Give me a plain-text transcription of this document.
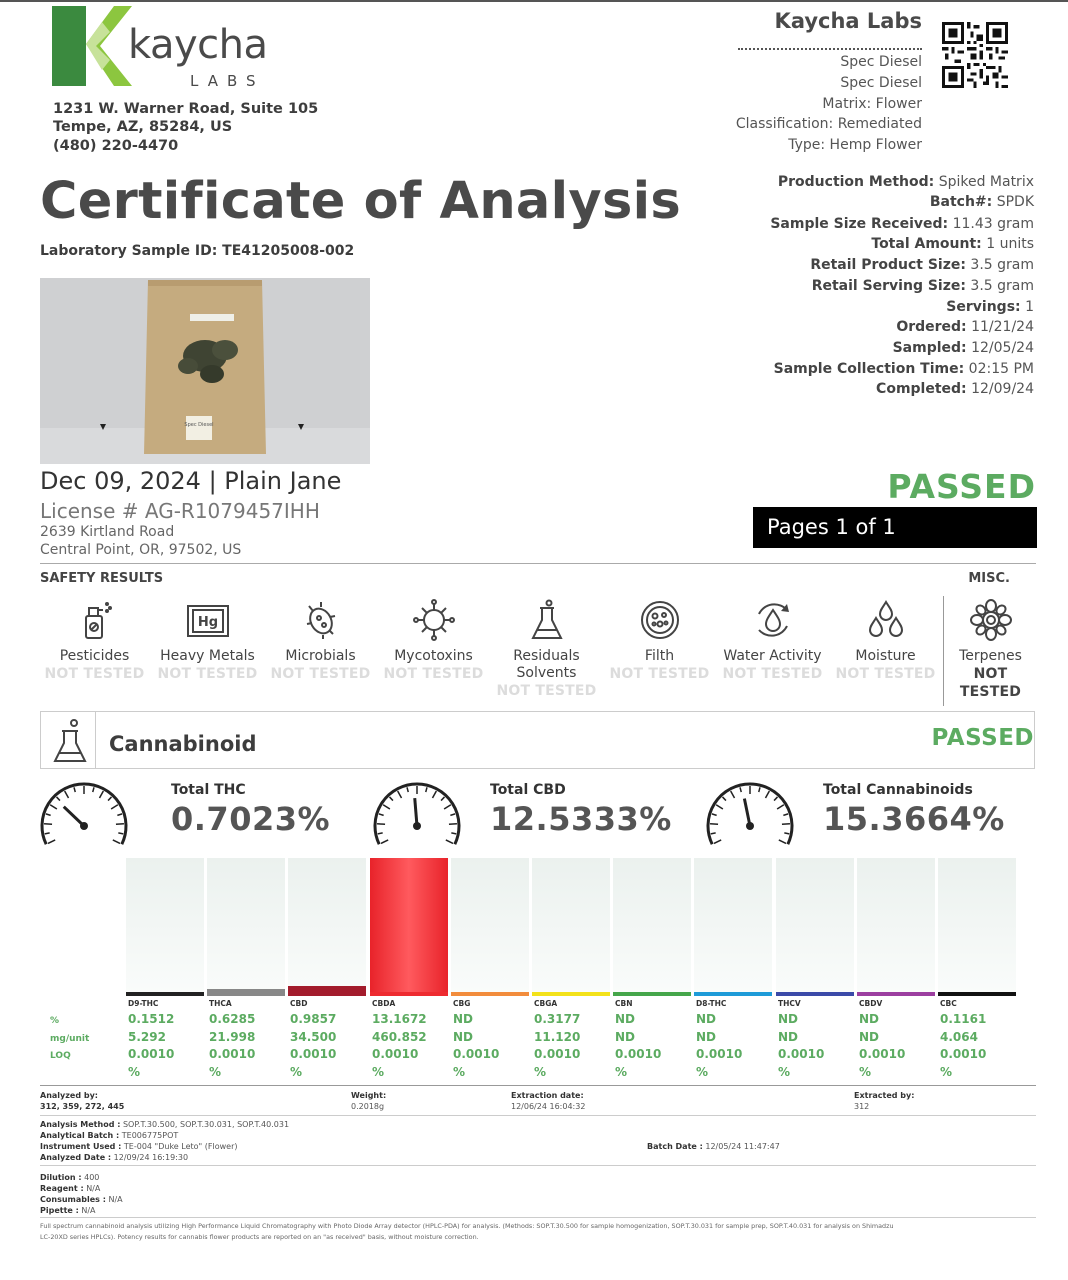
kaycha
LABS
1231 W. Warner Road, Suite 105
Tempe, AZ, 85284, US
(480) 220-4470
Kaycha Labs
Spec Diesel
Spec Diesel
Matrix: Flower
Classification: Remediated
Type: Hemp Flower
Production Method: Spiked Matrix
Batch#: SPDK
Sample Size Received: 11.43 gram
Total Amount: 1 units
Retail Product Size: 3.5 gram
Retail Serving Size: 3.5 gram
Servings: 1
Ordered: 11/21/24
Sampled: 12/05/24
Sample Collection Time: 02:15 PM
Completed: 12/09/24
Certificate of Analysis
Laboratory Sample ID: TE41205008-002
Spec Diesel
Dec 09, 2024 | Plain Jane
License # AG-R1079457IHH
2639 Kirtland Road
Central Point, OR, 97502, US
PASSED
Pages 1 of 1
SAFETY RESULTS	MISC.
Pesticides
NOT TESTED
Hg
Heavy Metals
NOT TESTED
Microbials
NOT TESTED
Mycotoxins
NOT TESTED
Residuals
Solvents
NOT TESTED
Filth
NOT TESTED
Water Activity
NOT TESTED
Moisture
NOT TESTED
Terpenes
NOT
TESTED
Cannabinoid	PASSED
Total THC
0.7023%
Total CBD
12.5333%
Total Cannabinoids
15.3664%
D9-THC
0.1512
5.292
0.0010
%
THCA
0.6285
21.998
0.0010
%
CBD
0.9857
34.500
0.0010
%
CBDA
13.1672
460.852
0.0010
%
CBG
ND
ND
0.0010
%
CBGA
0.3177
11.120
0.0010
%
CBN
ND
ND
0.0010
%
D8-THC
ND
ND
0.0010
%
THCV
ND
ND
0.0010
%
CBDV
ND
ND
0.0010
%
CBC
0.1161
4.064
0.0010
%
%
mg/unit
LOQ
Analyzed by:
312, 359, 272, 445
Weight:
0.2018g
Extraction date:
12/06/24 16:04:32
Extracted by:
312
Analysis Method : SOP.T.30.500, SOP.T.30.031, SOP.T.40.031
Analytical Batch : TE006775POT
Instrument Used : TE-004 "Duke Leto" (Flower)
Analyzed Date : 12/09/24 16:19:30
Batch Date : 12/05/24 11:47:47
Dilution : 400
Reagent : N/A
Consumables : N/A
Pipette : N/A
Full spectrum cannabinoid analysis utilizing High Performance Liquid Chromatography with Photo Diode Array detector (HPLC-PDA) for analysis. (Methods: SOP.T.30.500 for sample homogenization, SOP.T.30.031 for sample prep, SOP.T.40.031 for analysis on Shimadzu
LC-20XD series HPLCs). Potency results for cannabis flower products are reported on an "as received" basis, without moisture correction.
